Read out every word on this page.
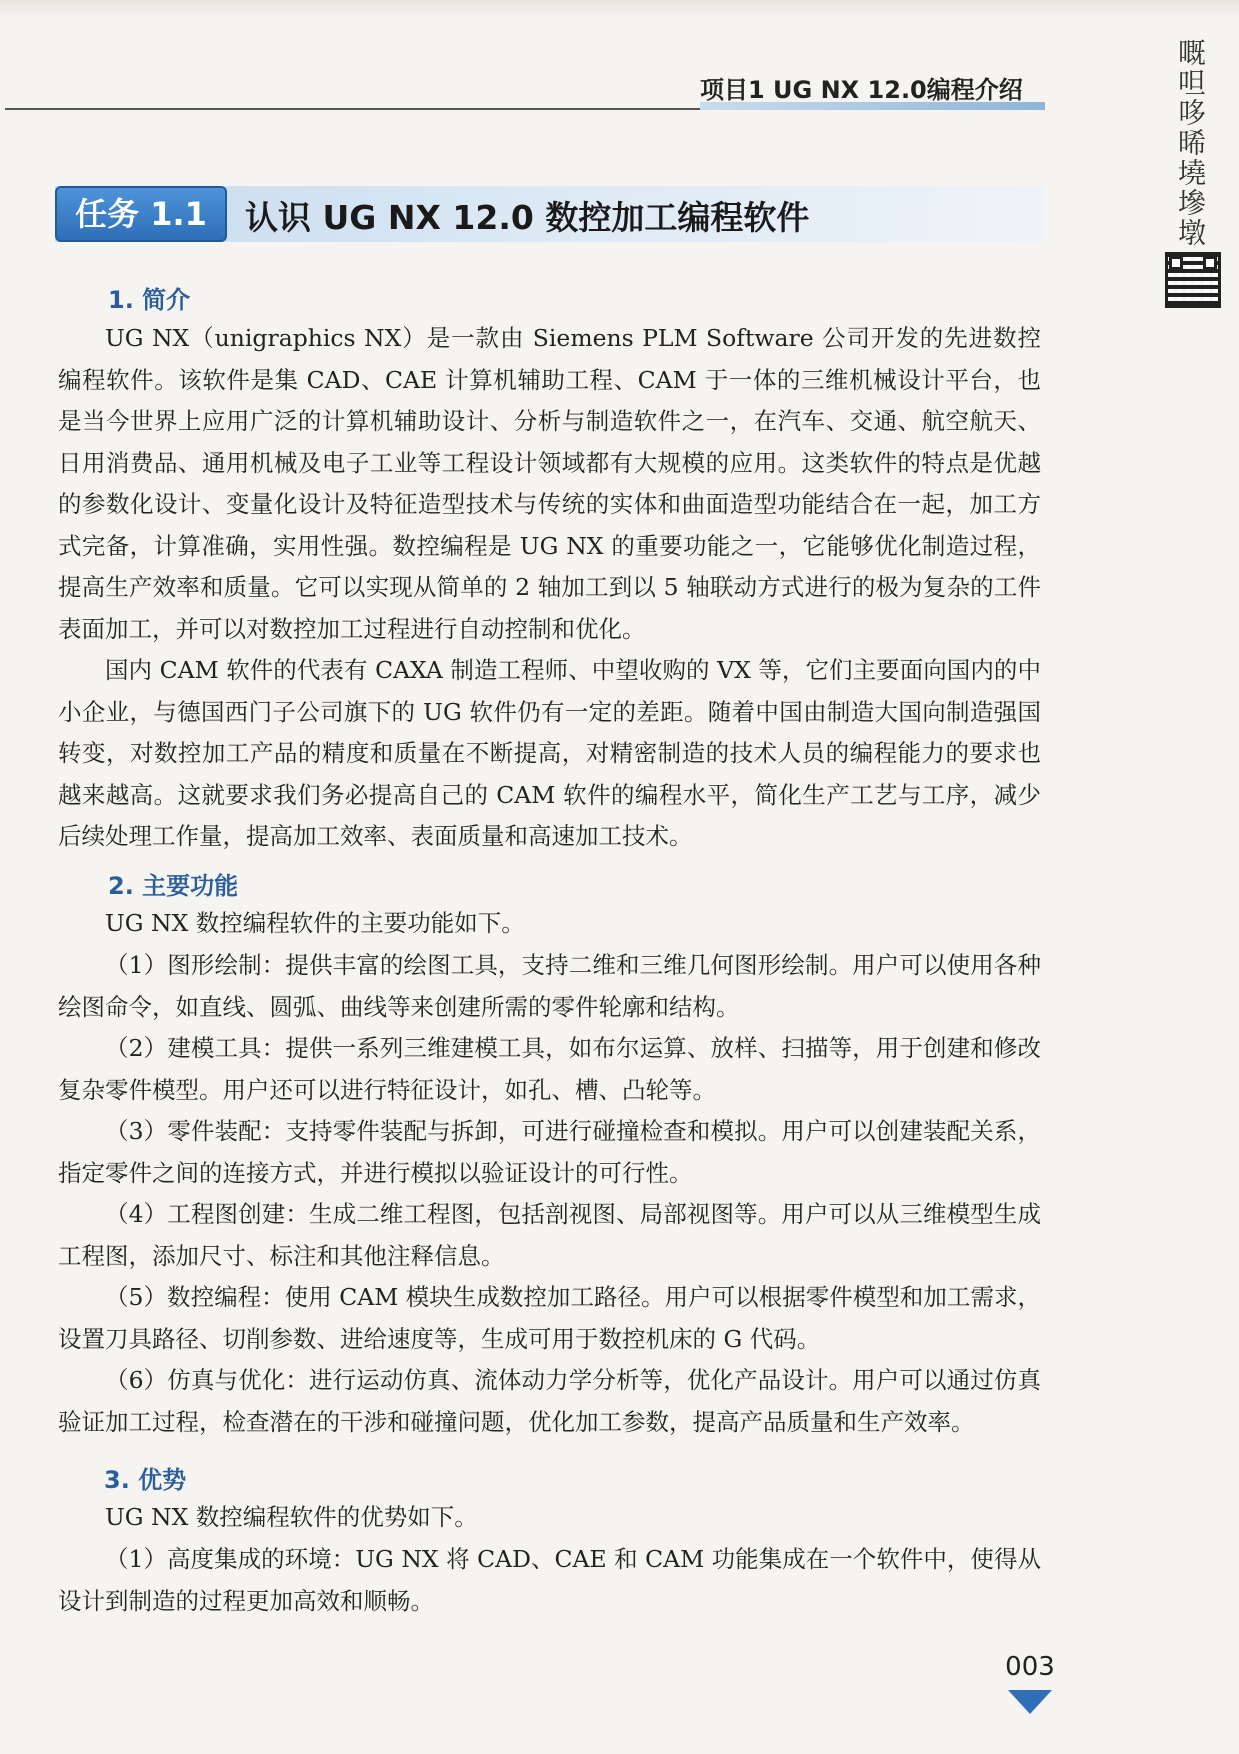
项目1 UG NX 12.0编程介绍	嘅呾哆晞墝墋墩
任务 1.1	认识 UG NX 12.0 数控加工编程软件
1. 简介
UG NX（unigraphics NX）是一款由 Siemens PLM Software 公司开发的先进数控编程软件。该软件是集 CAD、CAE 计算机辅助工程、CAM 于一体的三维机械设计平台，也是当今世界上应用广泛的计算机辅助设计、分析与制造软件之一，在汽车、交通、航空航天、日用消费品、通用机械及电子工业等工程设计领域都有大规模的应用。这类软件的特点是优越的参数化设计、变量化设计及特征造型技术与传统的实体和曲面造型功能结合在一起，加工方式完备，计算准确，实用性强。数控编程是 UG NX 的重要功能之一，它能够优化制造过程，提高生产效率和质量。它可以实现从简单的 2 轴加工到以 5 轴联动方式进行的极为复杂的工件表面加工，并可以对数控加工过程进行自动控制和优化。
国内 CAM 软件的代表有 CAXA 制造工程师、中望收购的 VX 等，它们主要面向国内的中小企业，与德国西门子公司旗下的 UG 软件仍有一定的差距。随着中国由制造大国向制造强国转变，对数控加工产品的精度和质量在不断提高，对精密制造的技术人员的编程能力的要求也越来越高。这就要求我们务必提高自己的 CAM 软件的编程水平，简化生产工艺与工序，减少后续处理工作量，提高加工效率、表面质量和高速加工技术。
2. 主要功能
UG NX 数控编程软件的主要功能如下。
（1）图形绘制：提供丰富的绘图工具，支持二维和三维几何图形绘制。用户可以使用各种绘图命令，如直线、圆弧、曲线等来创建所需的零件轮廓和结构。
（2）建模工具：提供一系列三维建模工具，如布尔运算、放样、扫描等，用于创建和修改复杂零件模型。用户还可以进行特征设计，如孔、槽、凸轮等。
（3）零件装配：支持零件装配与拆卸，可进行碰撞检查和模拟。用户可以创建装配关系，指定零件之间的连接方式，并进行模拟以验证设计的可行性。
（4）工程图创建：生成二维工程图，包括剖视图、局部视图等。用户可以从三维模型生成工程图，添加尺寸、标注和其他注释信息。
（5）数控编程：使用 CAM 模块生成数控加工路径。用户可以根据零件模型和加工需求，设置刀具路径、切削参数、进给速度等，生成可用于数控机床的 G 代码。
（6）仿真与优化：进行运动仿真、流体动力学分析等，优化产品设计。用户可以通过仿真验证加工过程，检查潜在的干涉和碰撞问题，优化加工参数，提高产品质量和生产效率。
3. 优势
UG NX 数控编程软件的优势如下。
（1）高度集成的环境：UG NX 将 CAD、CAE 和 CAM 功能集成在一个软件中，使得从设计到制造的过程更加高效和顺畅。
003
